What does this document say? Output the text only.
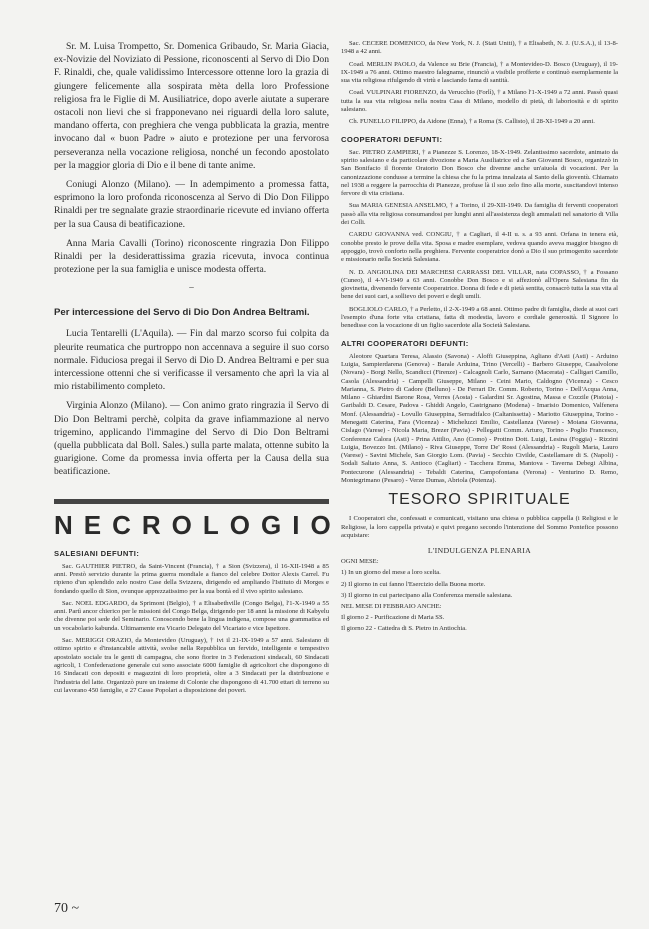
Sr. M. Luisa Trompetto, Sr. Domenica Gribaudo, Sr. Maria Giacia, ex-Novizie del Noviziato di Pessione, riconoscenti al Servo di Dio Don F. Rinaldi, che, quale validissimo Intercessore ottenne loro la grazia di giungere felicemente alla sospirata mèta della loro Professione religiosa fra le Figlie di M. Ausiliatrice, dopo averle aiutate a superare ostacoli non lievi che si frapponevano nei riguardi della loro salute, mandano offerta, con preghiera che venga pubblicata la grazia, mentre invocano dal « buon Padre » aiuto e protezione per una fervorosa perseveranza nella vocazione religiosa, nonché un fecondo apostolato per la maggior gloria di Dio e il bene di tante anime.

Coniugi Alonzo (Milano). — In adempimento a promessa fatta, esprimono la loro profonda riconoscenza al Servo di Dio Don Filippo Rinaldi per tre segnalate grazie straordinarie ricevute ed inviano offerta per la sua Causa di beatificazione.

Anna Maria Cavalli (Torino) riconoscente ringrazia Don Filippo Rinaldi per la desiderattissima grazia ricevuta, invoca continua protezione per la sua famiglia e unisce modesta offerta.

–
Per intercessione del Servo di Dio Don Andrea Beltrami.

Lucia Tentarelli (L'Aquila). — Fin dal marzo scorso fui colpita da pleurite reumatica che purtroppo non accennava a seguire il suo corso normale. Fiduciosa pregai il Servo di Dio D. Andrea Beltrami e per sua intercessione ottenni che si verificasse il versamento che aprì la via al mio ristabilimento completo.

Virginia Alonzo (Milano). — Con animo grato ringrazia il Servo di Dio Don Beltrami perchè, colpita da grave infiammazione al nervo trigemino, applicando l'immagine del Servo di Dio Don Beltrami (quella pubblicata dal Boll. Sales.) sulla parte malata, ottenne subito la guarigione. Come da promessa invia offerta per la Causa della sua beatificazione.

NECROLOGIO
SALESIANI DEFUNTI:

Sac. GAUTHIER PIETRO, da Saint-Vincent (Francia), † a Sion (Svizzera), il 16-XII-1948 a 85 anni. Prestò servizio durante la prima guerra mondiale a fianco del celebre Dottor Alexis Carrel. Fu ripieno d'un splendido zelo nostro Case della Svizzera, dirigendo ed ampliando l'Istituto di Morges e fondando quello di Sion, ovunque apprezzatissimo per la sua bontà ed il vivo spirito salesiano.

Sac. NOEL EDGARDO, da Sprimont (Belgio), † a Elisabethville (Congo Belga), l'1-X-1949 a 55 anni. Partì ancor chierico per le missioni del Congo Belga, dirigendo per 18 anni la missione di Kabyelu che divenne poi sede del Seminario. Conoscendo bene la lingua indigena, compose una grammatica ed un vocabolario kabunda. Ultimamente era Vicario Delegato del Vicariato e vice Ispettore.

Sac. MERIGGI ORAZIO, da Montevideo (Uruguay), † ivi il 21-IX-1949 a 57 anni. Salesiano di ottimo spirito e d'instancabile attività, svolse nella Repubblica un fervido, intelligente e tempestivo apostolato sociale tra le genti di campagna, che sono fiorire in 3 Federazioni sindacali, 60 Sindacati agricoli, 1 Confederazione generale cui sono associate 6000 famiglie di agricoltori che dispongono di 16 Sindacati con depositi e magazzini di loro proprietà, oltre a 3 Sindacati per la distribuzione e l'industria del latte. Organizzò pure un insieme di Colonie che dispongono di 41.700 ettari di terreno su cui lavorano 450 famiglie, e 27 Casse Popolari a disposizione dei poveri.

Sac. CECERE DOMENICO, da New York, N. J. (Stati Uniti), † a Elisabeth, N. J. (U.S.A.), il 13-8-1948 a 42 anni.

Coad. MERLIN PAOLO, da Valence su Brie (Francia), † a Montevideo-D. Bosco (Uruguay), il 19-IX-1949 a 76 anni. Ottimo maestro falegname, rinunciò a visibile profferte e continuò esemplarmente la sua vita religiosa rifulgendo di virtù e lasciando fama di santità.

Coad. VULPINARI FIORENZO, da Verucchio (Forlì), † a Milano l'1-X-1949 a 72 anni. Passò quasi tutta la sua vita religiosa nella nostra Casa di Milano, modello di pietà, di laboriosità e di spirito salesiano.

Ch. FUNELLO FILIPPO, da Aidone (Enna), † a Roma (S. Callisto), il 28-XI-1949 a 20 anni.

COOPERATORI DEFUNTI:

Sac. PIETRO ZAMPIERI, † a Pianezze S. Lorenzo, 18-X-1949. Zelantissimo sacerdote, animato da spirito salesiano e da particolare divozione a Maria Ausiliatrice ed a San Giovanni Bosco, organizzò in San Bonifacio il fiorente Oratorio Don Bosco che divenne anche un'aiuola di vocazioni. Per la canonizzazione condusse a termine la chiesa che fu la prima innalzata al Santo della gioventù. Chiamato nel 1938 a reggere la parrocchia di Pianezze, profuse là il suo zelo fino alla morte, suscitandovi intenso fervore di vita cristiana.

Sua MARIA GENESIA ANSELMO, † a Torino, il 29-XII-1949. Da famiglia di ferventi cooperatori passò alla vita religiosa consumandosi per lunghi anni all'assistenza degli ammalati nel sanatorio di Villa dei Colli.

CARDU GIOVANNA ved. CONGIU, † a Cagliari, il 4-II u. s. a 93 anni. Orfana in tenera età, conobbe presto le prove della vita. Sposa e madre esemplare, vedova quando aveva maggior bisogno di appoggio, trovò conforto nella preghiera. Fervente cooperatrice donò a Dio il suo primogenito sacerdote e missionario nella Società Salesiana.

N. D. ANGIOLINA DEI MARCHESI CARRASSI DEL VILLAR, nata COPASSO, † a Fossano (Cuneo), il 4-VI-1949 a 63 anni. Conobbe Don Bosco e si affezionò all'Opera Salesiana fin da giovinetta, divenendo fervente Cooperatrice. Donna di fede e di pietà sentita, consacrò tutta la sua vita al bene dei suoi cari, a sollievo dei poveri e degli umili.

BOGLIOLO CARLO, † a Perletto, il 2-X-1949 a 68 anni. Ottimo padre di famiglia, diede ai suoi cari l'esempio d'una forte vita cristiana, fatta di modestia, lavoro e cordiale generosità. Il Signore lo benedisse con la vocazione di un figlio sacerdote alla Società Salesiana.

ALTRI COOPERATORI DEFUNTI:

Aleotore Quartara Teresa, Alassio (Savona) - Aloffi Giuseppina, Agliano d'Asti (Asti) - Arduino Luigia, Sampierdarena (Genova) - Barale Arduina, Trino (Vercelli) - Barbero Giuseppe, Casalvolone (Novara) - Borgi Nello, Scandicci (Firenze) - Calcagnoli Carlo, Sarnano (Macerata) - Calligari Camillo, Casola (Alessandria) - Campelli Giuseppe, Milano - Ceini Mario, Caldogno (Vicenza) - Cesco Marianna, S. Pietro di Cadore (Belluno) - De Ferrari Dr. Comm. Roberto, Torino - Dell'Acqua Anna, Milano - Ghiardini Barone Rosa, Verres (Aosta) - Galardini Sr. Agostina, Massa e Cozzile (Pistoia) - Garibaldi D. Cesare, Padova - Ghiddi Angelo, Castrignano (Modena) - Imarisio Domenico, Valfenera Monf. (Alessandria) - Lovullo Giuseppina, Serradifalco (Caltanissetta) - Mariotto Giuseppina, Torino - Menegatti Caterina, Fara (Vicenza) - Micheluzzi Emilio, Castellanza (Varese) - Moiana Giovanna, Cislago (Varese) - Nicola Maria, Brezer (Pavia) - Pellegatti Comm. Arturo, Torino - Poglio Francesco, Conferenze Calora (Asti) - Prina Attilio, Ano (Como) - Protino Dott. Luigi, Lesina (Foggia) - Rizzini Luigia, Bovezzo Int. (Milano) - Riva Giuseppe, Torre De' Rossi (Alessandria) - Rugoli Maria, Lauro (Varese) - Savini Michele, San Giorgio Lom. (Pavia) - Secchio Civilde, Castellamare di S. (Napoli) - Sodali Saltato Anna, S. Antioco (Cagliari) - Tacchera Emma, Mantova - Taverna Debegi Albina, Pontecurone (Alessandria) - Tebaldi Caterina, Campofontana (Verona) - Venturino D. Remo, Montegrimano (Pesaro) - Verze Dumas, Abriola (Potenza).

TESORO SPIRITUALE

I Cooperatori che, confessati e comunicati, visitano una chiesa o pubblica cappella (i Religiosi e le Religiose, la loro cappella privata) e quivi pregano secondo l'intenzione del Sommo Pontefice possono acquistare:

L'INDULGENZA PLENARIA
OGNI MESE:
1) In un giorno del mese a loro scelta.
2) Il giorno in cui fanno l'Esercizio della Buona morte.
3) Il giorno in cui partecipano alla Conferenza mensile salesiana.
NEL MESE DI FEBBRAIO ANCHE:
Il giorno 2 - Purificazione di Maria SS.
Il giorno 22 - Cattedra di S. Pietro in Antiochia.
70 ~
